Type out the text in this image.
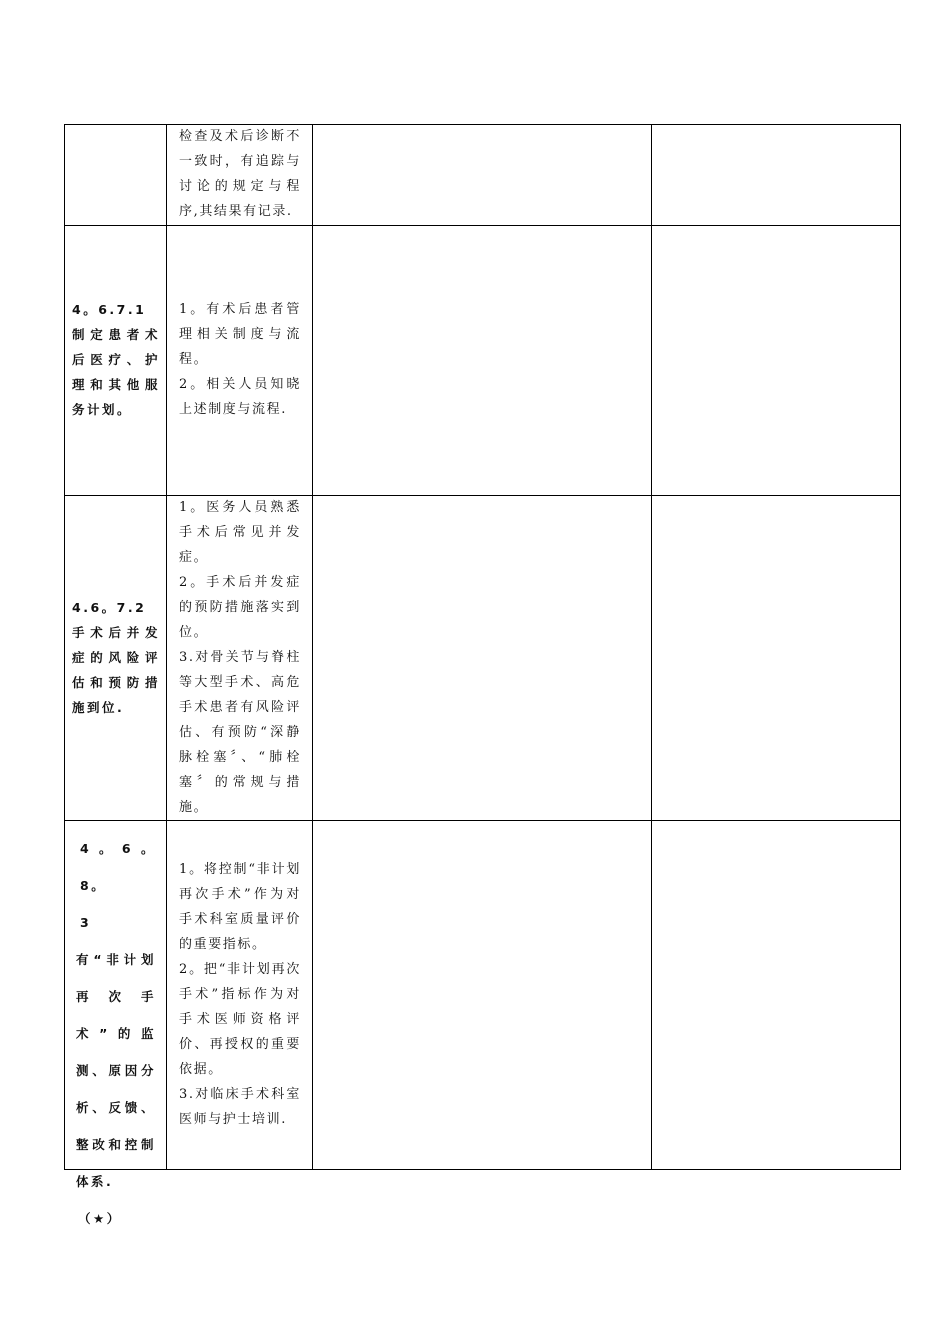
检查及术后诊断不一致时，有追踪与讨论的规定与程序,其结果有记录.

4。6.7.1

制定患者术后医疗、护理和其他服务计划。

1。有术后患者管理相关制度与流程。

2。相关人员知晓上述制度与流程.

4.6。7.2

手术后并发症的风险评估和预防措施到位.

1。医务人员熟悉手术后常见并发症。

2。手术后并发症的预防措施落实到位。

3.对骨关节与脊柱等大型手术、高危手术患者有风险评估、有预防“深静脉栓塞〞、“肺栓塞〞的常规与措施。

4。6。8。

3

有“非计划再次手术”的监测、原因分析、反馈、整改和控制体系.

（★）

1。将控制“非计划再次手术”作为对手术科室质量评价的重要指标。

2。把“非计划再次手术”指标作为对手术医师资格评价、再授权的重要依据。

3.对临床手术科室医师与护士培训.
